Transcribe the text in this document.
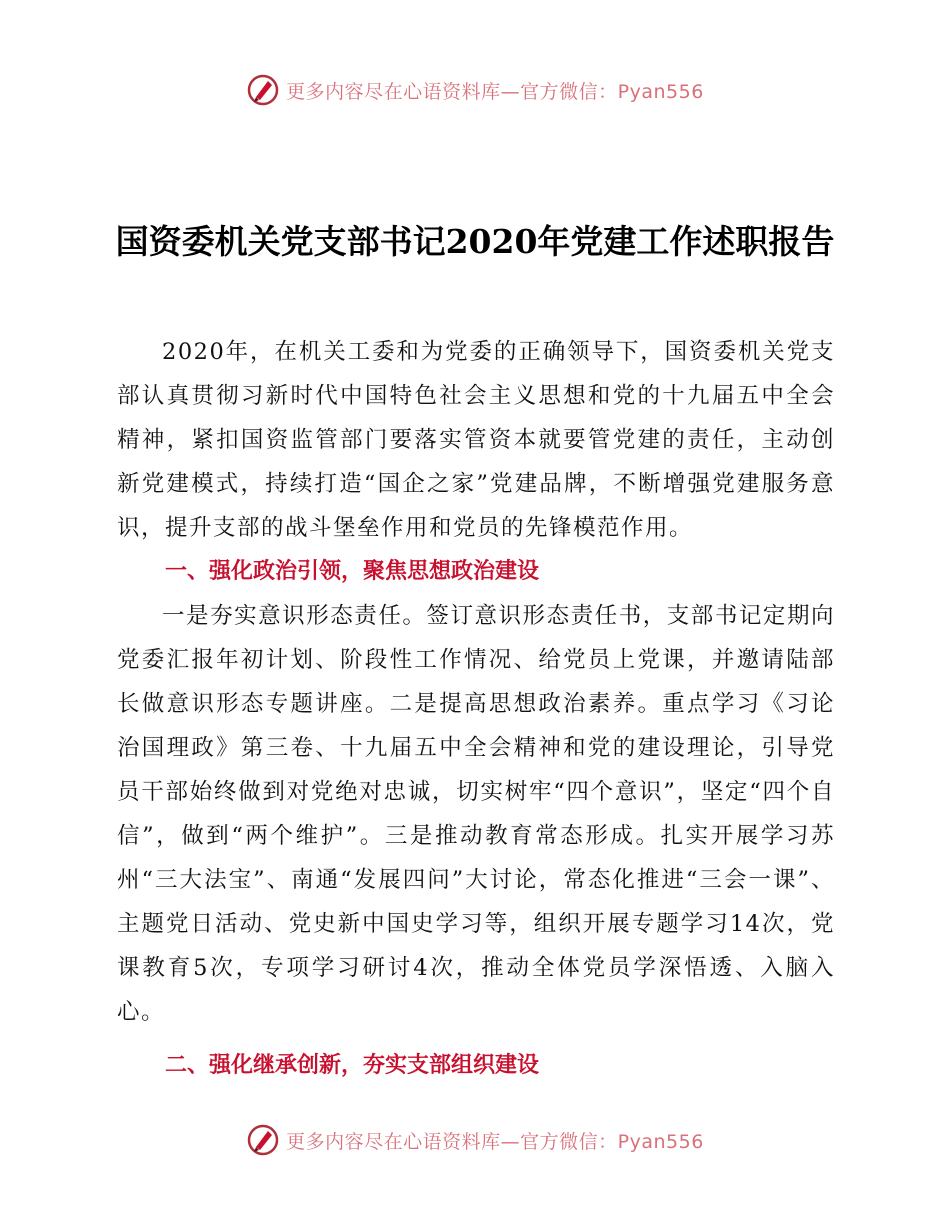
更多内容尽在心语资料库—官方微信：Pyan556
国资委机关党支部书记2020年党建工作述职报告

2020年，在机关工委和为党委的正确领导下，国资委机关党支部认真贯彻习新时代中国特色社会主义思想和党的十九届五中全会精神，紧扣国资监管部门要落实管资本就要管党建的责任，主动创新党建模式，持续打造“国企之家”党建品牌，不断增强党建服务意识，提升支部的战斗堡垒作用和党员的先锋模范作用。

一、强化政治引领，聚焦思想政治建设

一是夯实意识形态责任。签订意识形态责任书，支部书记定期向党委汇报年初计划、阶段性工作情况、给党员上党课，并邀请陆部长做意识形态专题讲座。二是提高思想政治素养。重点学习《习论治国理政》第三卷、十九届五中全会精神和党的建设理论，引导党员干部始终做到对党绝对忠诚，切实树牢“四个意识”，坚定“四个自信”，做到“两个维护”。三是推动教育常态形成。扎实开展学习苏州“三大法宝”、南通“发展四问”大讨论，常态化推进“三会一课”、主题党日活动、党史新中国史学习等，组织开展专题学习14次，党课教育5次，专项学习研讨4次，推动全体党员学深悟透、入脑入心。

二、强化继承创新，夯实支部组织建设

更多内容尽在心语资料库—官方微信：Pyan556
